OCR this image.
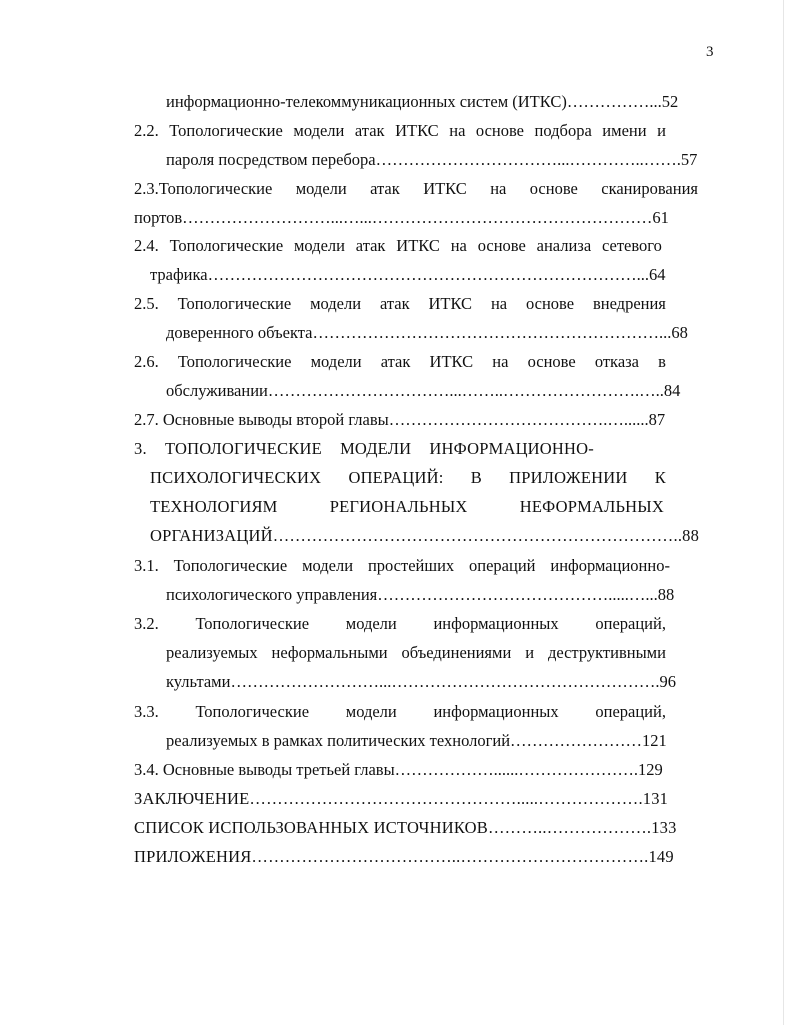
3
информационно-телекоммуникационных систем (ИТКС)……………...52
2.2. Топологические модели атак ИТКС на основе подбора имени и
пароля посредством перебора……………………………...…………..…….57
2.3.Топологические модели атак ИТКС на основе сканирования
портов………………………...…...……………………………………………61
2.4. Топологические модели атак ИТКС на основе анализа сетевого
трафика……………………………………………………………………...64
2.5. Топологические модели атак ИТКС на основе внедрения
доверенного объекта………………………………………………………...68
2.6. Топологические модели атак ИТКС на основе отказа в
обслуживании……………………………...……..…………………….…..84
2.7. Основные выводы второй главы………………………………….…......87
3. ТОПОЛОГИЧЕСКИЕ МОДЕЛИ ИНФОРМАЦИОННО-
ПСИХОЛОГИЧЕСКИХ ОПЕРАЦИЙ: В ПРИЛОЖЕНИИ К
ТЕХНОЛОГИЯМ	РЕГИОНАЛЬНЫХ	НЕФОРМАЛЬНЫХ
ОРГАНИЗАЦИЙ………………………………………………………………..88
3.1. Топологические модели простейших операций информационно-
психологического управления…………………………………….....…...88
3.2. Топологические модели информационных операций,
реализуемых неформальными объединениями и деструктивными
культами………………………...………………………………………….96
3.3. Топологические модели информационных операций,
реализуемых в рамках политических технологий……………………121
3.4. Основные выводы третьей главы………………......………………….129
ЗАКЛЮЧЕНИЕ………………………………………….....……………….131
СПИСОК ИСПОЛЬЗОВАННЫХ ИСТОЧНИКОВ………..……………….133
ПРИЛОЖЕНИЯ………………………………..…………………………….149
